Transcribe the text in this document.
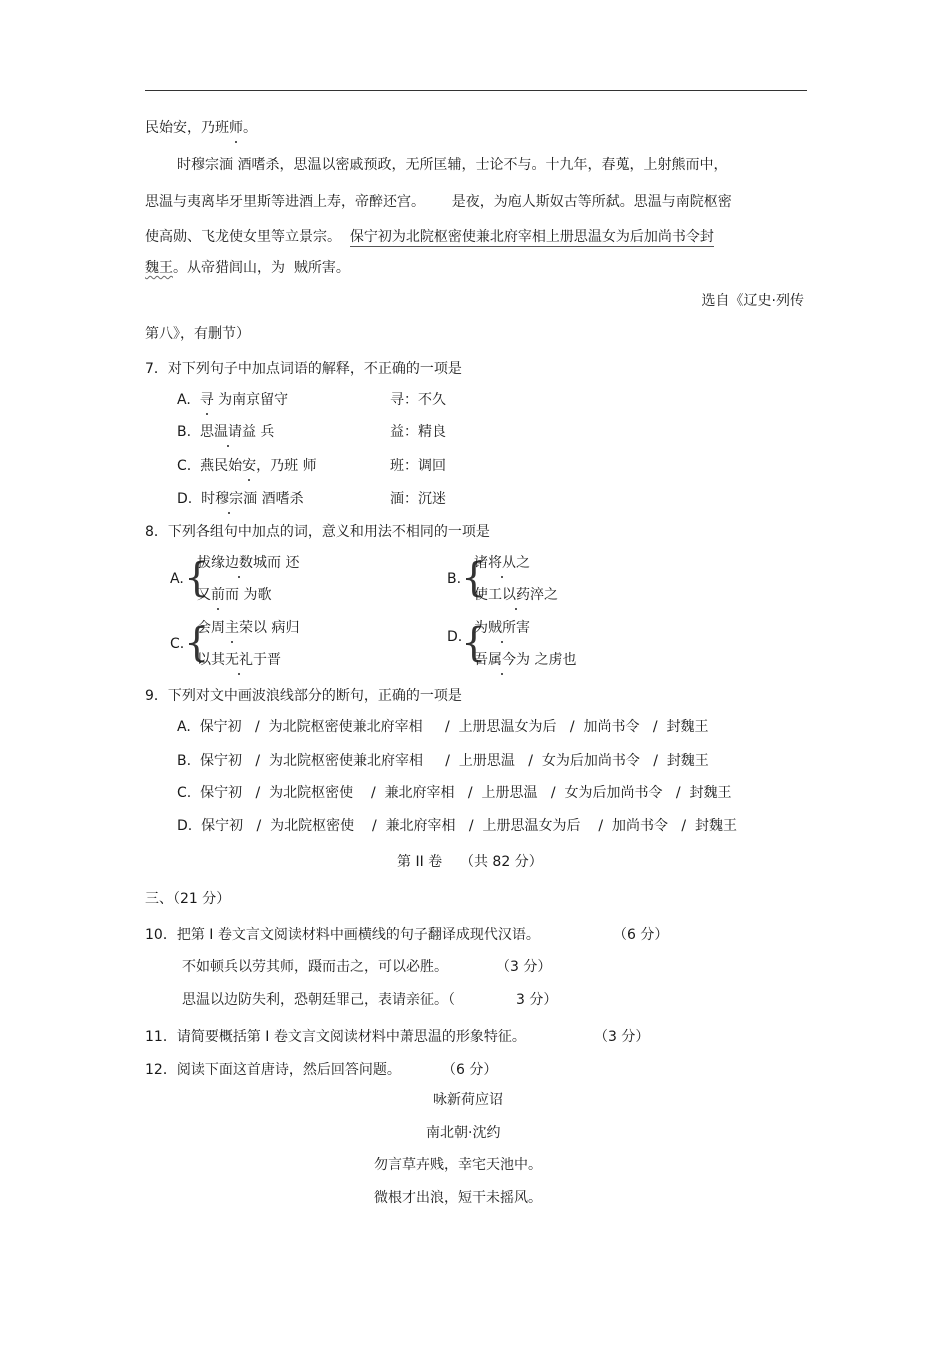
民始安，乃班师。
时穆宗湎 酒嗜杀，思温以密戚预政，无所匡辅，士论不与。十九年，春蒐，上射熊而中，
思温与夷离毕牙里斯等进酒上寿，帝醉还宫。 是夜，为庖人斯奴古等所弑。思温与南院枢密
使高勋、飞龙使女里等立景宗。 保宁初为北院枢密使兼北府宰相上册思温女为后加尚书令封
魏王。从帝猎闾山，为 贼所害。
选自《辽史·列传
第八》，有删节）
7．对下列句子中加点词语的解释，不正确的一项是
A. 寻 为南京留守	寻：不久
B. 思温请益 兵	益：精良
C. 燕民始安，乃班 师	班：调回
D. 时穆宗湎 酒嗜杀	湎：沉迷
8．下列各组句中加点的词，意义和用法不相同的一项是
A. {
拔缘边数城而 还
又前而 为歌
B. {
诸将从之
使工以药淬之
C. {
会周主荣以 病归
以其无礼于晋
D.
{
为贼所害
吾属今为 之虏也
9．下列对文中画波浪线部分的断句，正确的一项是
A. 保宁初 / 为北院枢密使兼北府宰相 / 上册思温女为后 / 加尚书令 / 封魏王
B. 保宁初 / 为北院枢密使兼北府宰相 / 上册思温 / 女为后加尚书令 / 封魏王
C. 保宁初 / 为北院枢密使 / 兼北府宰相 / 上册思温 / 女为后加尚书令 / 封魏王
D. 保宁初 / 为北院枢密使 / 兼北府宰相 / 上册思温女为后 / 加尚书令 / 封魏王
第 II 卷 （共 82 分）
三、（21 分）
10．把第 I 卷文言文阅读材料中画横线的句子翻译成现代汉语。	（6 分）
不如顿兵以劳其师，蹑而击之，可以必胜。	（3 分）
思温以边防失利，恐朝廷罪己，表请亲征。（	3 分）
11．请简要概括第 I 卷文言文阅读材料中萧思温的形象特征。	（3 分）
12．阅读下面这首唐诗，然后回答问题。	（6 分）
咏新荷应诏
南北朝·沈约
勿言草卉贱，幸宅天池中。
微根才出浪，短干未摇风。
